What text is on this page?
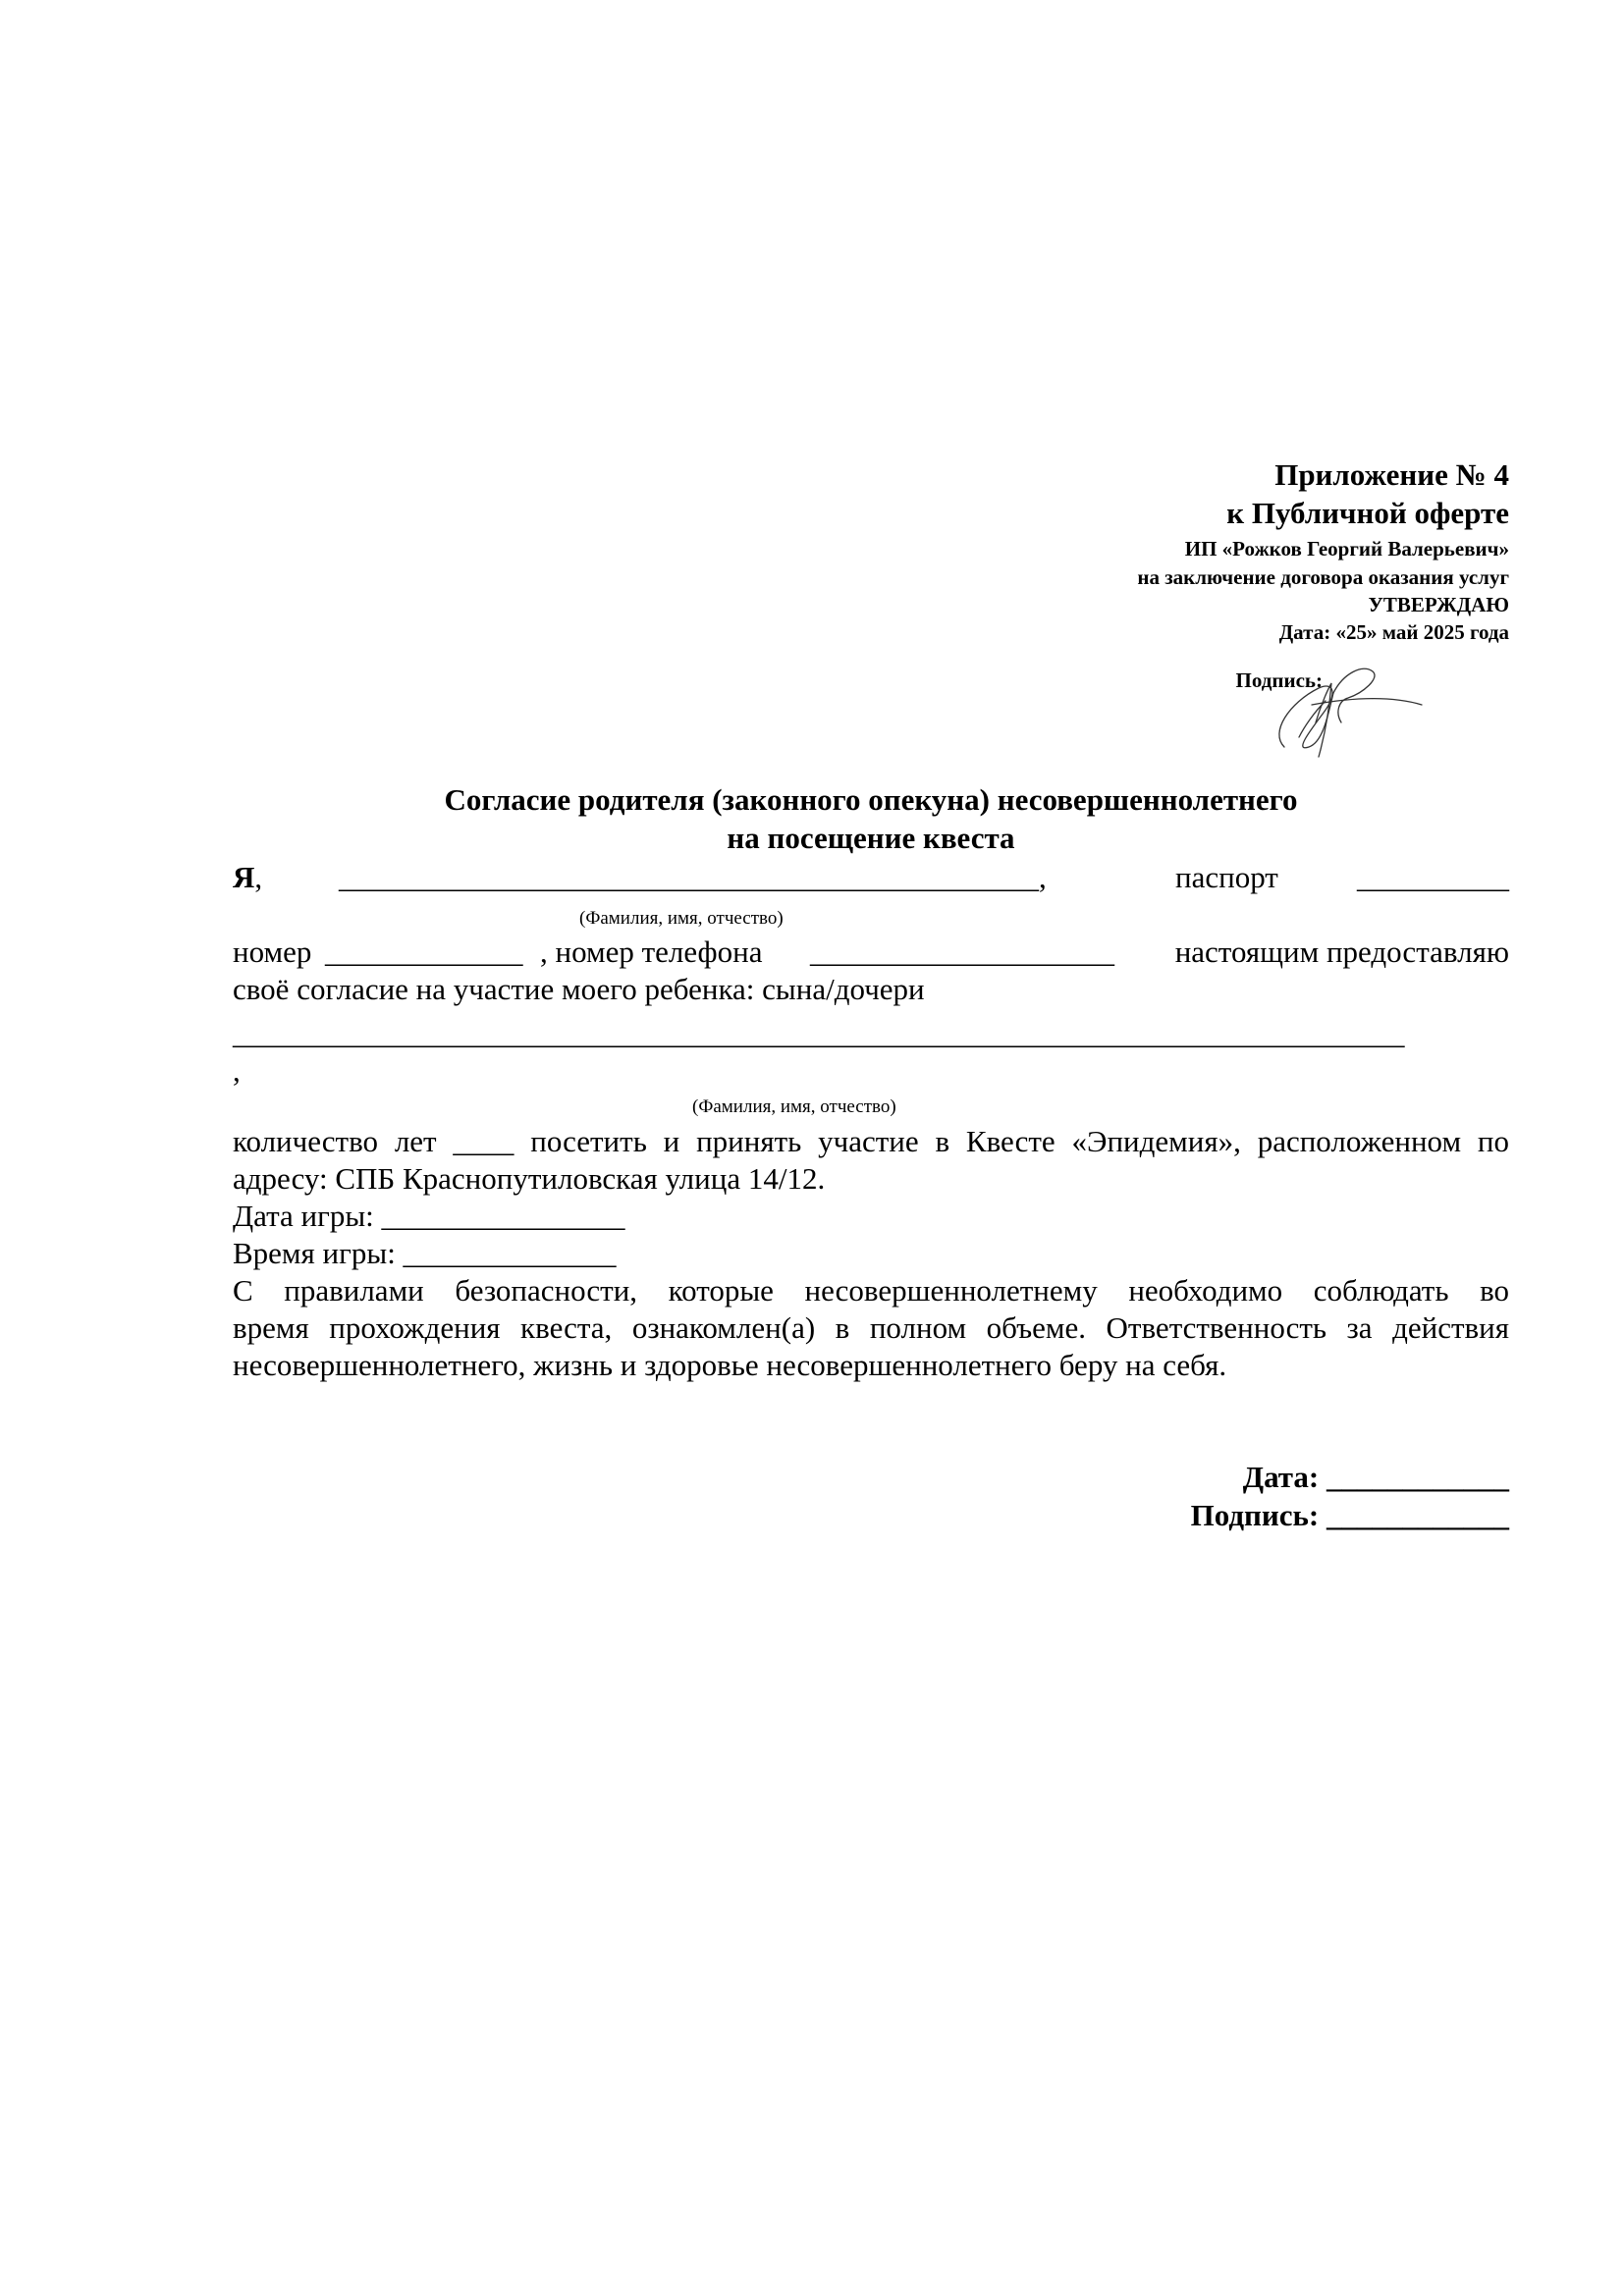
Приложение № 4
к Публичной оферте
ИП «Рожков Георгий Валерьевич»
на заключение договора оказания услуг
УТВЕРЖДАЮ
Дата: «25» май 2025 года
Подпись:
Согласие родителя (законного опекуна) несовершеннолетнего
на посещение квеста
Я,	______________________________________________,	паспорт	__________
(Фамилия, имя, отчество)
номер _____________ , номер телефона ____________________ настоящим предоставляю
своё согласие на участие моего ребенка: сына/дочери
_____________________________________________________________________________
,
(Фамилия, имя, отчество)
количество лет ____ посетить и принять участие в Квесте «Эпидемия», расположенном по
адресу: СПБ Краснопутиловская улица 14/12.
Дата игры: ________________
Время игры: ______________
С правилами безопасности, которые несовершеннолетнему необходимо соблюдать во
время прохождения квеста, ознакомлен(а) в полном объеме. Ответственность за действия
несовершеннолетнего, жизнь и здоровье несовершеннолетнего беру на себя.
Дата: ____________
Подпись: ____________
